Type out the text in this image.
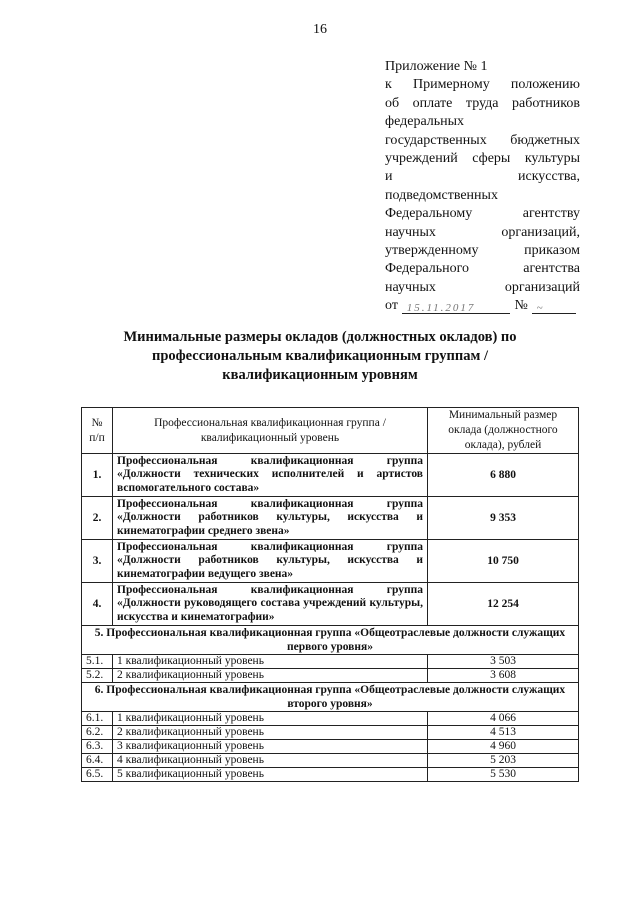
16
Приложение № 1
к Примерному положению
об оплате труда работников
федеральных
государственных бюджетных
учреждений сферы культуры
и искусства,
подведомственных
Федеральному агентству
научных организаций,
утвержденному приказом
Федерального агентства
научных организаций
от 15.11.2017	№ ~
Минимальные размеры окладов (должностных окладов) по профессиональным квалификационным группам / квалификационным уровням
№ п/п	Профессиональная квалификационная группа / квалификационный уровень	Минимальный размер оклада (должностного оклада), рублей
1.	Профессиональная квалификационная группа «Должности технических исполнителей и артистов вспомогательного состава»	6 880
2.	Профессиональная квалификационная группа «Должности работников культуры, искусства и кинематографии среднего звена»	9 353
3.	Профессиональная квалификационная группа «Должности работников культуры, искусства и кинематографии ведущего звена»	10 750
4.	Профессиональная квалификационная группа «Должности руководящего состава учреждений культуры, искусства и кинематографии»	12 254
5. Профессиональная квалификационная группа «Общеотраслевые должности служащих первого уровня»		
5.1.	1 квалификационный уровень	3 503
5.2.	2 квалификационный уровень	3 608
6. Профессиональная квалификационная группа «Общеотраслевые должности служащих второго уровня»		
6.1.	1 квалификационный уровень	4 066
6.2.	2 квалификационный уровень	4 513
6.3.	3 квалификационный уровень	4 960
6.4.	4 квалификационный уровень	5 203
6.5.	5 квалификационный уровень	5 530
